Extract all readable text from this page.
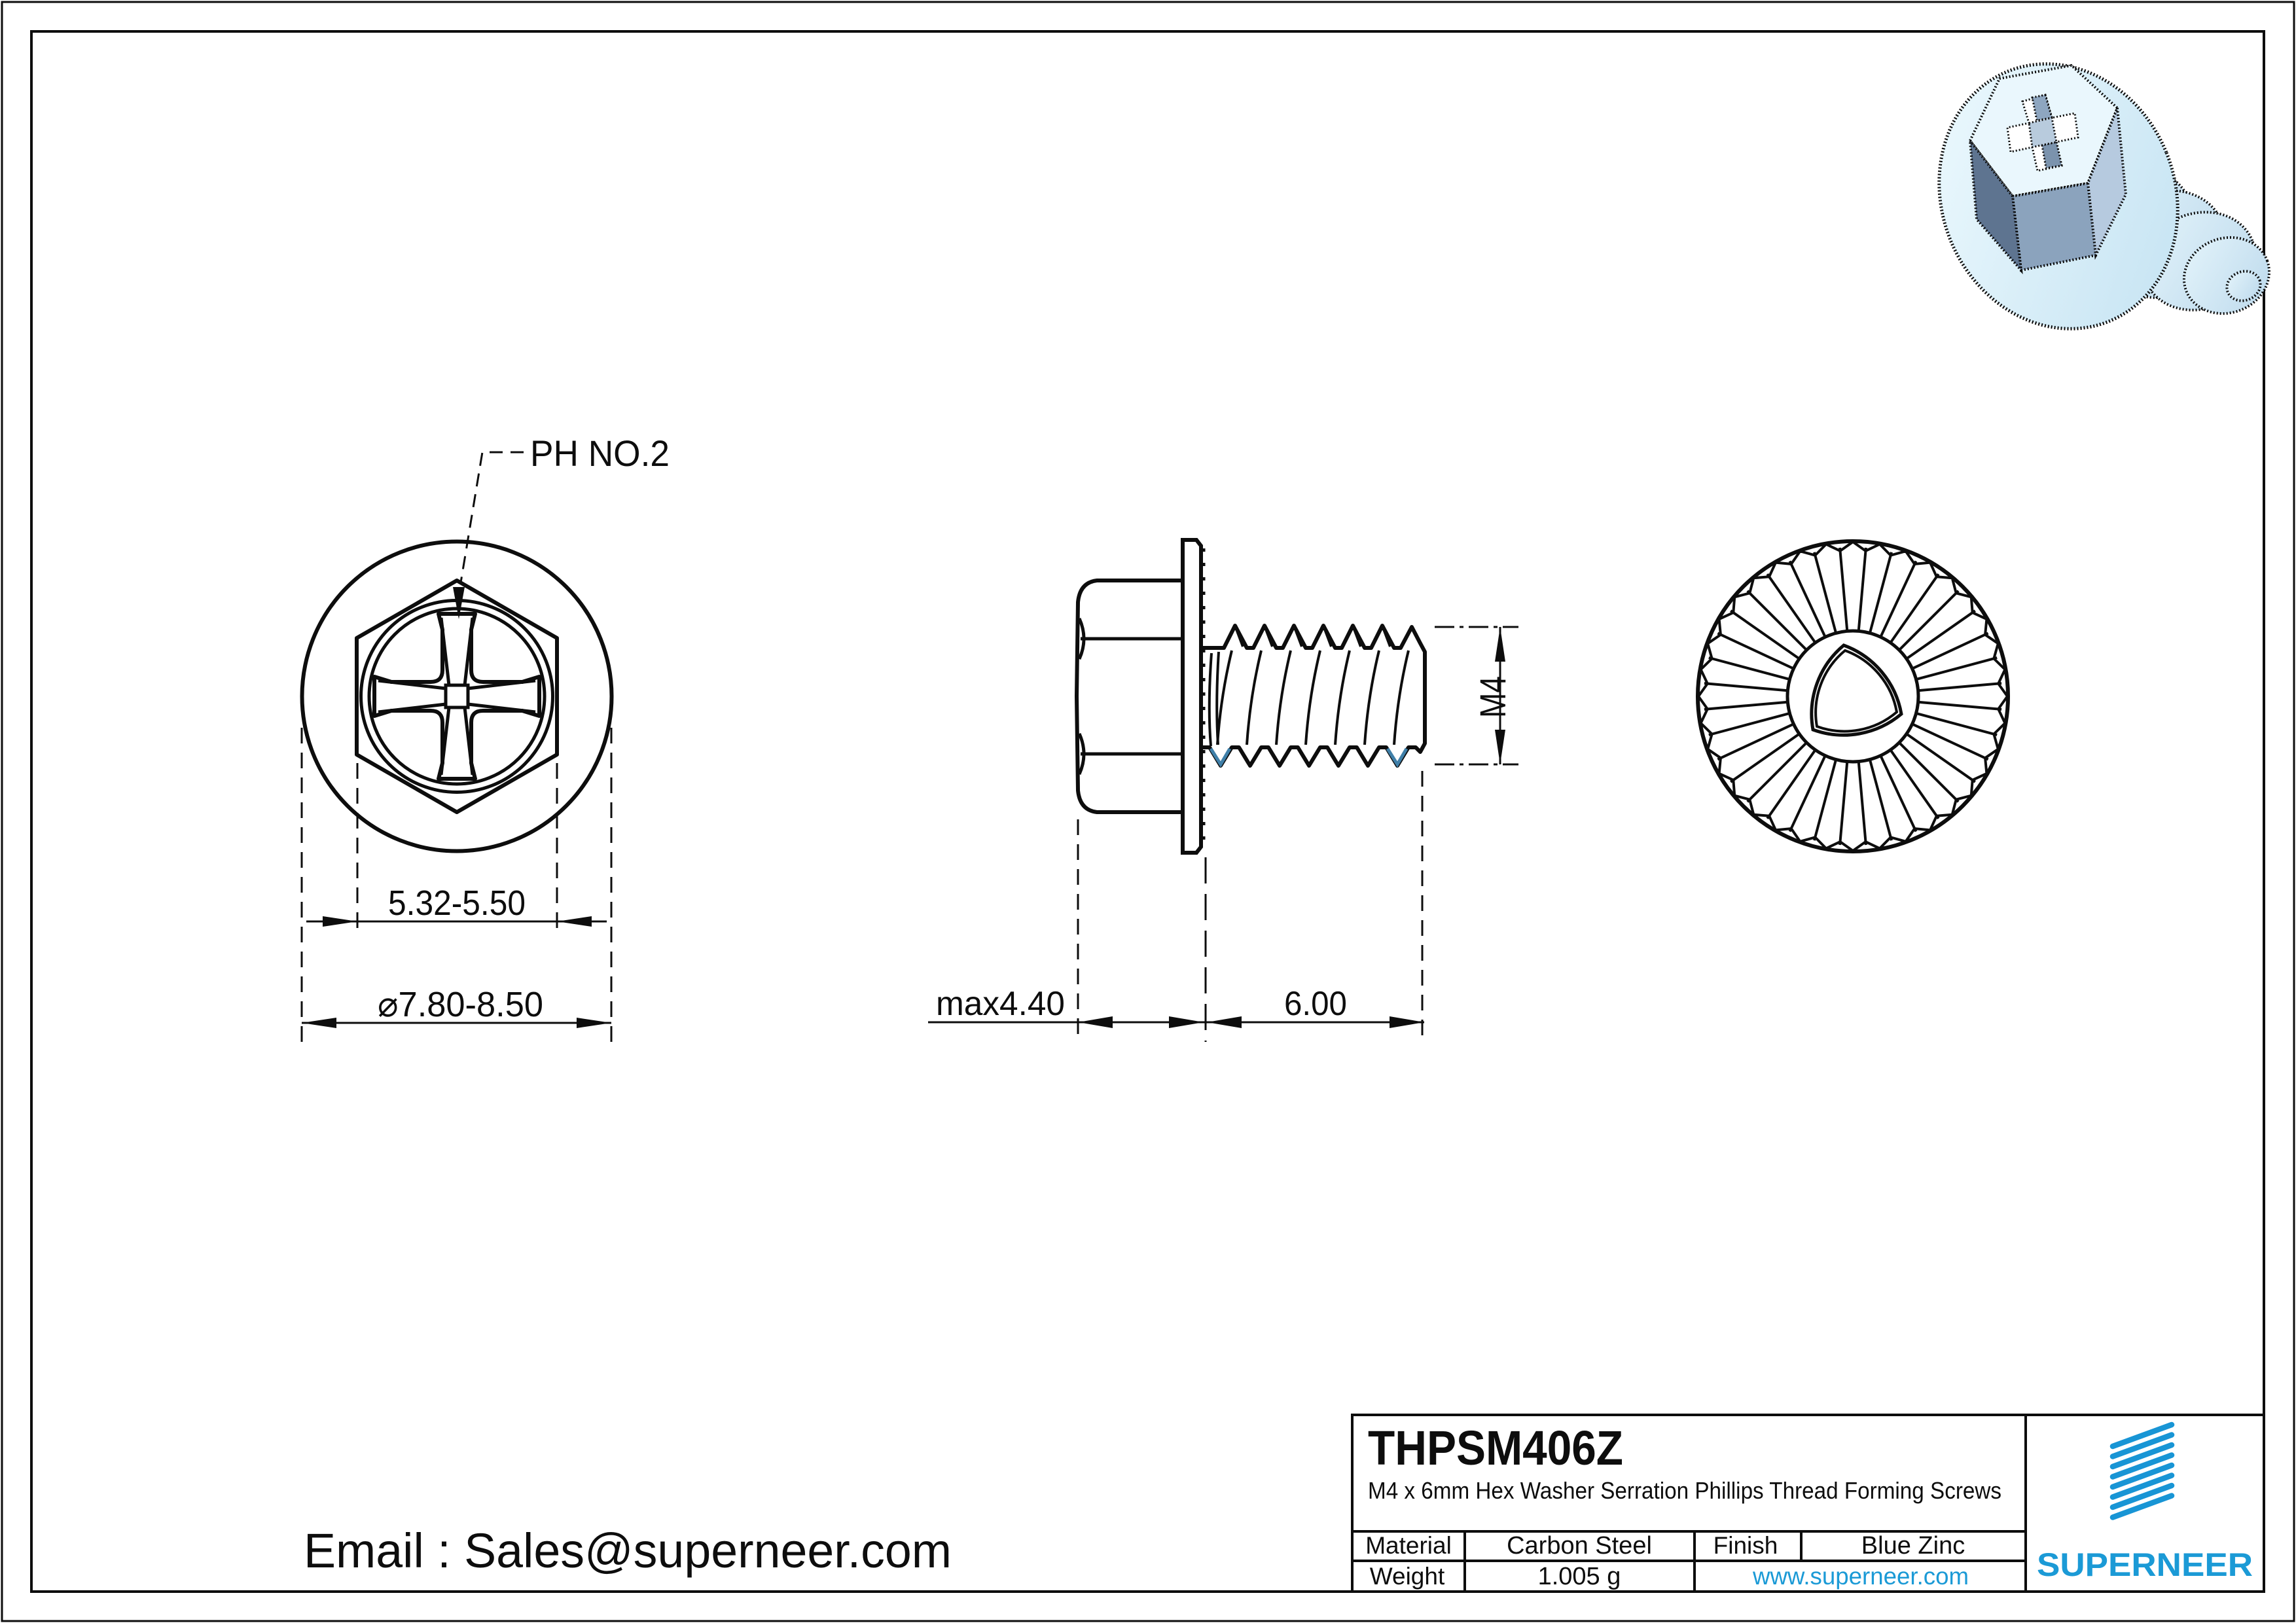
PH NO.2
5.32-5.50
⌀7.80-8.50
M4
max4.40	6.00
THPSM406Z
M4 x 6mm Hex Washer Serration Phillips Thread Forming Screws
Material Carbon Steel	Finish	Blue Zinc
Weight	1.005 g	www.superneer.com SUPERNEER
Email : Sales@superneer.com
